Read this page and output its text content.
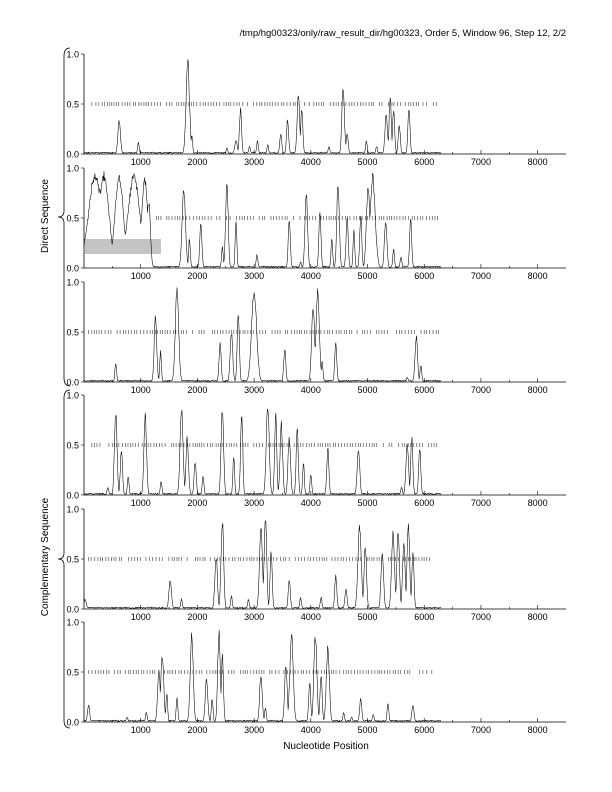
/tmp/hg00323/only/raw_result_dir/hg00323, Order 5, Window 96, Step 12, 2/2
0.0
0.5
1.0
1000	2000	3000	4000	5000	6000	7000	8000
0.0
0.5
1.0
1000	2000	3000	4000	5000	6000	7000	8000
0.0
0.5
1.0
1000	2000	3000	4000	5000	6000	7000	8000
0.0
0.5
1.0
1000	2000	3000	4000	5000	6000	7000	8000
0.0
0.5
1.0
1000	2000	3000	4000	5000	6000	7000	8000
0.0
0.5
1.0
1000	2000	3000	4000	5000	6000	7000	8000
Direct Sequence
Complementary Sequence
Nucleotide Position
